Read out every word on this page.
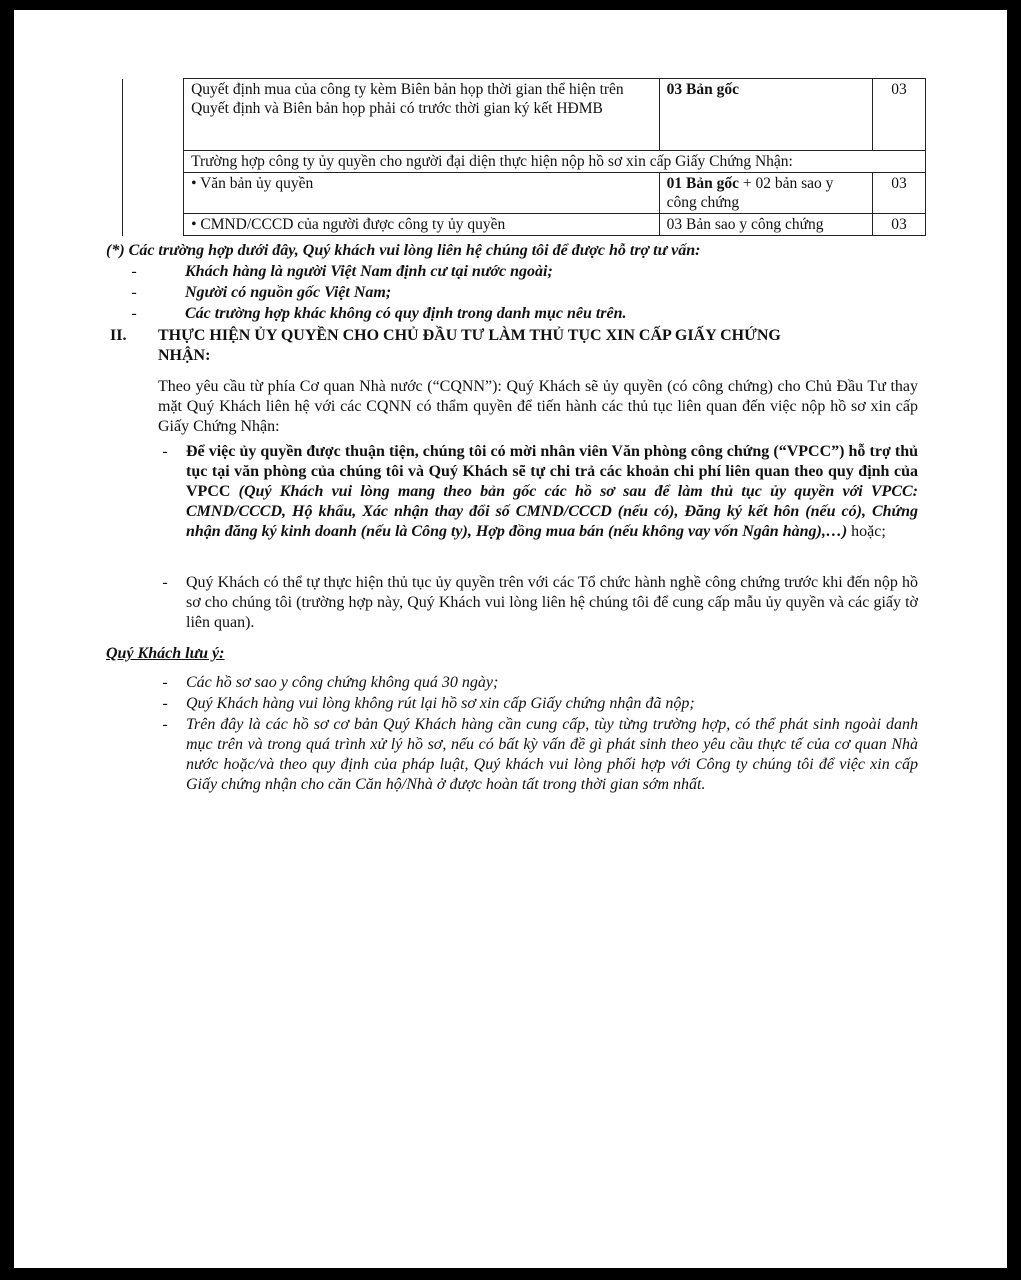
	Quyết định mua của công ty kèm Biên bản họp thời gian thể hiện trên Quyết định và Biên bản họp phải có trước thời gian ký kết HĐMB	03 Bản gốc	03
	Trường hợp công ty ủy quyền cho người đại diện thực hiện nộp hồ sơ xin cấp Giấy Chứng Nhận:		
	• Văn bản ủy quyền	01 Bản gốc + 02 bản sao y công chứng	03
	• CMND/CCCD của người được công ty ủy quyền	03 Bản sao y công chứng	03
(*) Các trường hợp dưới đây, Quý khách vui lòng liên hệ chúng tôi để được hỗ trợ tư vấn:
-	Khách hàng là người Việt Nam định cư tại nước ngoài;
-	Người có nguồn gốc Việt Nam;
-	Các trường hợp khác không có quy định trong danh mục nêu trên.
II. THỰC HIỆN ỦY QUYỀN CHO CHỦ ĐẦU TƯ LÀM THỦ TỤC XIN CẤP GIẤY CHỨNG
NHẬN:

Theo yêu cầu từ phía Cơ quan Nhà nước (“CQNN”): Quý Khách sẽ ủy quyền (có công chứng) cho Chủ Đầu Tư thay mặt Quý Khách liên hệ với các CQNN có thẩm quyền để tiến hành các thủ tục liên quan đến việc nộp hồ sơ xin cấp Giấy Chứng Nhận:

- Để việc ủy quyền được thuận tiện, chúng tôi có mời nhân viên Văn phòng công chứng (“VPCC”) hỗ trợ thủ tục tại văn phòng của chúng tôi và Quý Khách sẽ tự chi trả các khoản chi phí liên quan theo quy định của VPCC (Quý Khách vui lòng mang theo bản gốc các hồ sơ sau để làm thủ tục ủy quyền với VPCC: CMND/CCCD, Hộ khẩu, Xác nhận thay đổi số CMND/CCCD (nếu có), Đăng ký kết hôn (nếu có), Chứng nhận đăng ký kinh doanh (nếu là Công ty), Hợp đồng mua bán (nếu không vay vốn Ngân hàng),…) hoặc;

- Quý Khách có thể tự thực hiện thủ tục ủy quyền trên với các Tổ chức hành nghề công chứng trước khi đến nộp hồ sơ cho chúng tôi (trường hợp này, Quý Khách vui lòng liên hệ chúng tôi để cung cấp mẫu ủy quyền và các giấy tờ liên quan).

Quý Khách lưu ý:
- Các hồ sơ sao y công chứng không quá 30 ngày;

- Quý Khách hàng vui lòng không rút lại hồ sơ xin cấp Giấy chứng nhận đã nộp;

- Trên đây là các hồ sơ cơ bản Quý Khách hàng cần cung cấp, tùy từng trường hợp, có thể phát sinh ngoài danh mục trên và trong quá trình xử lý hồ sơ, nếu có bất kỳ vấn đề gì phát sinh theo yêu cầu thực tế của cơ quan Nhà nước hoặc/và theo quy định của pháp luật, Quý khách vui lòng phối hợp với Công ty chúng tôi để việc xin cấp Giấy chứng nhận cho căn Căn hộ/Nhà ở được hoàn tất trong thời gian sớm nhất.
